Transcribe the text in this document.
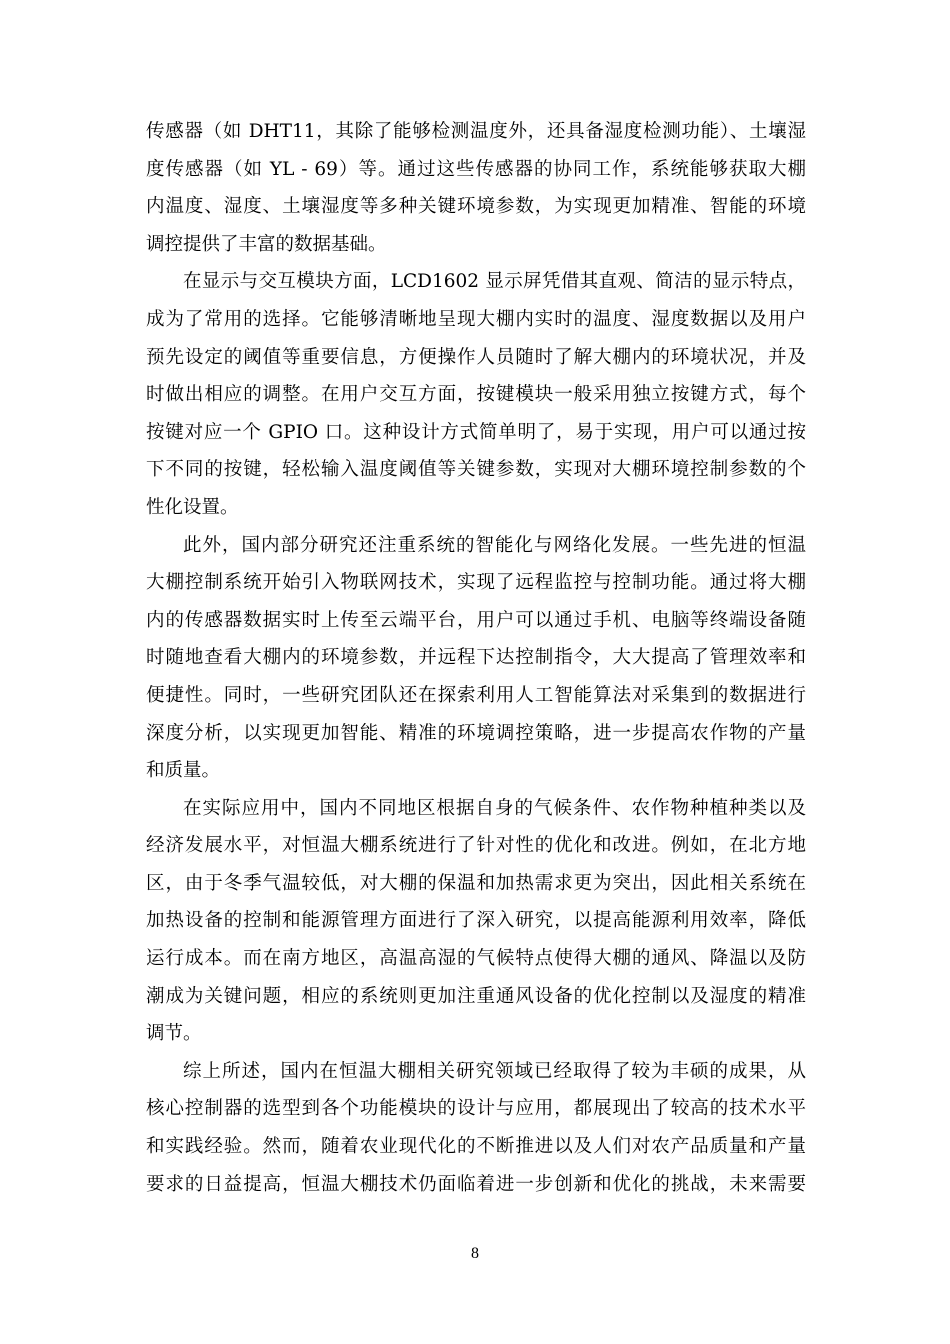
传感器（如 DHT11，其除了能够检测温度外，还具备湿度检测功能）、土壤湿
度传感器（如 YL - 69）等。通过这些传感器的协同工作，系统能够获取大棚
内温度、湿度、土壤湿度等多种关键环境参数，为实现更加精准、智能的环境
调控提供了丰富的数据基础。
在显示与交互模块方面，LCD1602 显示屏凭借其直观、简洁的显示特点，
成为了常用的选择。它能够清晰地呈现大棚内实时的温度、湿度数据以及用户
预先设定的阈值等重要信息，方便操作人员随时了解大棚内的环境状况，并及
时做出相应的调整。在用户交互方面，按键模块一般采用独立按键方式，每个
按键对应一个 GPIO 口。这种设计方式简单明了，易于实现，用户可以通过按
下不同的按键，轻松输入温度阈值等关键参数，实现对大棚环境控制参数的个
性化设置。
此外，国内部分研究还注重系统的智能化与网络化发展。一些先进的恒温
大棚控制系统开始引入物联网技术，实现了远程监控与控制功能。通过将大棚
内的传感器数据实时上传至云端平台，用户可以通过手机、电脑等终端设备随
时随地查看大棚内的环境参数，并远程下达控制指令，大大提高了管理效率和
便捷性。同时，一些研究团队还在探索利用人工智能算法对采集到的数据进行
深度分析，以实现更加智能、精准的环境调控策略，进一步提高农作物的产量
和质量。
在实际应用中，国内不同地区根据自身的气候条件、农作物种植种类以及
经济发展水平，对恒温大棚系统进行了针对性的优化和改进。例如，在北方地
区，由于冬季气温较低，对大棚的保温和加热需求更为突出，因此相关系统在
加热设备的控制和能源管理方面进行了深入研究，以提高能源利用效率，降低
运行成本。而在南方地区，高温高湿的气候特点使得大棚的通风、降温以及防
潮成为关键问题，相应的系统则更加注重通风设备的优化控制以及湿度的精准
调节。
综上所述，国内在恒温大棚相关研究领域已经取得了较为丰硕的成果，从
核心控制器的选型到各个功能模块的设计与应用，都展现出了较高的技术水平
和实践经验。然而，随着农业现代化的不断推进以及人们对农产品质量和产量
要求的日益提高，恒温大棚技术仍面临着进一步创新和优化的挑战，未来需要
8
